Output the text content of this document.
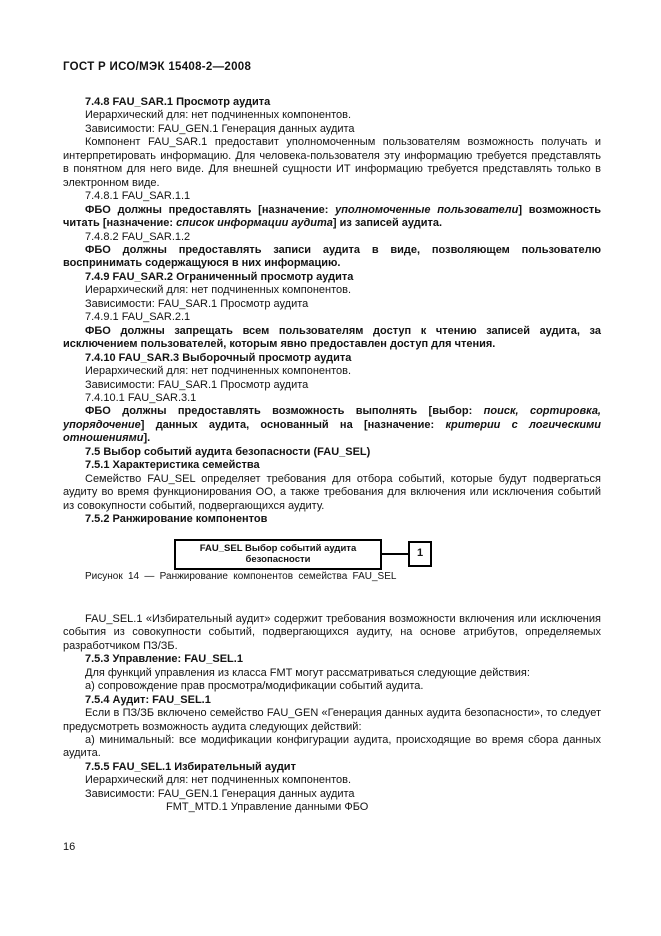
ГОСТ Р ИСО/МЭК 15408-2—2008

7.4.8 FAU_SAR.1 Просмотр аудита

Иерархический для: нет подчиненных компонентов.

Зависимости: FAU_GEN.1 Генерация данных аудита

Компонент FAU_SAR.1 предоставит уполномоченным пользователям возможность получать и интерпретировать информацию. Для человека-пользователя эту информацию требуется представлять в понятном для него виде. Для внешней сущности ИТ информацию требуется представлять только в электронном виде.

7.4.8.1 FAU_SAR.1.1

ФБО должны предоставлять [назначение: уполномоченные пользователи] возможность читать [назначение: список информации аудита] из записей аудита.

7.4.8.2 FAU_SAR.1.2

ФБО должны предоставлять записи аудита в виде, позволяющем пользователю воспринимать содержащуюся в них информацию.

7.4.9 FAU_SAR.2 Ограниченный просмотр аудита

Иерархический для: нет подчиненных компонентов.

Зависимости: FAU_SAR.1 Просмотр аудита

7.4.9.1 FAU_SAR.2.1

ФБО должны запрещать всем пользователям доступ к чтению записей аудита, за исключением пользователей, которым явно предоставлен доступ для чтения.

7.4.10 FAU_SAR.3 Выборочный просмотр аудита

Иерархический для: нет подчиненных компонентов.

Зависимости: FAU_SAR.1 Просмотр аудита

7.4.10.1 FAU_SAR.3.1

ФБО должны предоставлять возможность выполнять [выбор: поиск, сортировка, упорядочение] данных аудита, основанный на [назначение: критерии с логическими отношениями].

7.5 Выбор событий аудита безопасности (FAU_SEL)

7.5.1 Характеристика семейства

Семейство FAU_SEL определяет требования для отбора событий, которые будут подвергаться аудиту во время функционирования ОО, а также требования для включения или исключения событий из совокупности событий, подвергающихся аудиту.

7.5.2 Ранжирование компонентов

FAU_SEL Выбор событий аудита безопасности
1

Рисунок 14 — Ранжирование компонентов семейства FAU_SEL

FAU_SEL.1 «Избирательный аудит» содержит требования возможности включения или исключения события из совокупности событий, подвергающихся аудиту, на основе атрибутов, определяемых разработчиком ПЗ/ЗБ.

7.5.3 Управление: FAU_SEL.1

Для функций управления из класса FMT могут рассматриваться следующие действия:

а) сопровождение прав просмотра/модификации событий аудита.

7.5.4 Аудит: FAU_SEL.1

Если в ПЗ/ЗБ включено семейство FAU_GEN «Генерация данных аудита безопасности», то следует предусмотреть возможность аудита следующих действий:

а) минимальный: все модификации конфигурации аудита, происходящие во время сбора данных аудита.

7.5.5 FAU_SEL.1 Избирательный аудит

Иерархический для: нет подчиненных компонентов.

Зависимости: FAU_GEN.1 Генерация данных аудита

FMT_MTD.1 Управление данными ФБО

16
